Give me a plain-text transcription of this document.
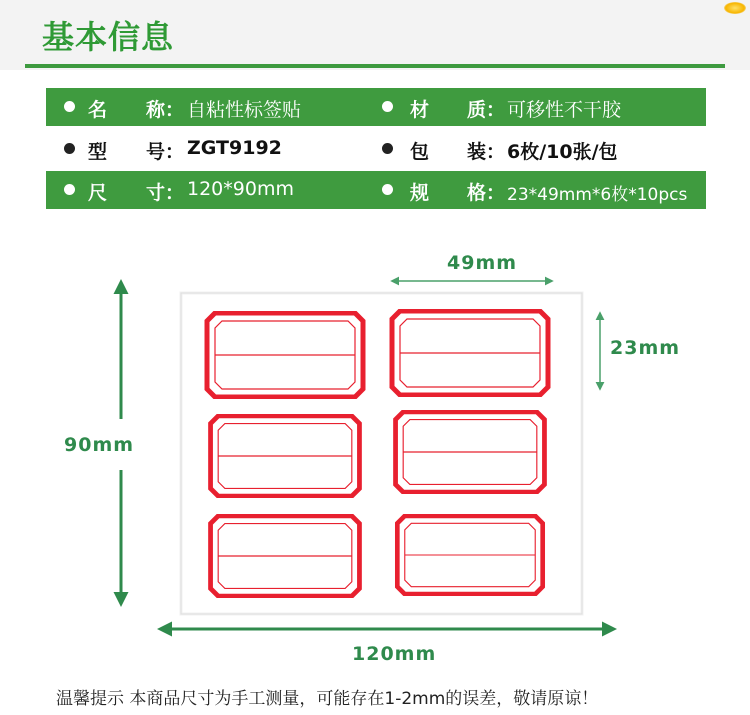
基本信息
名 称： 自粘性标签贴	材 质： 可移性不干胶
型 号： ZGT9192	包 装： 6枚/10张/包
尺 寸： 120*90mm	规 格： 23*49mm*6枚*10pcs
49mm
23mm
90mm
120mm
温馨提示 本商品尺寸为手工测量，可能存在1-2mm的误差，敬请原谅！
